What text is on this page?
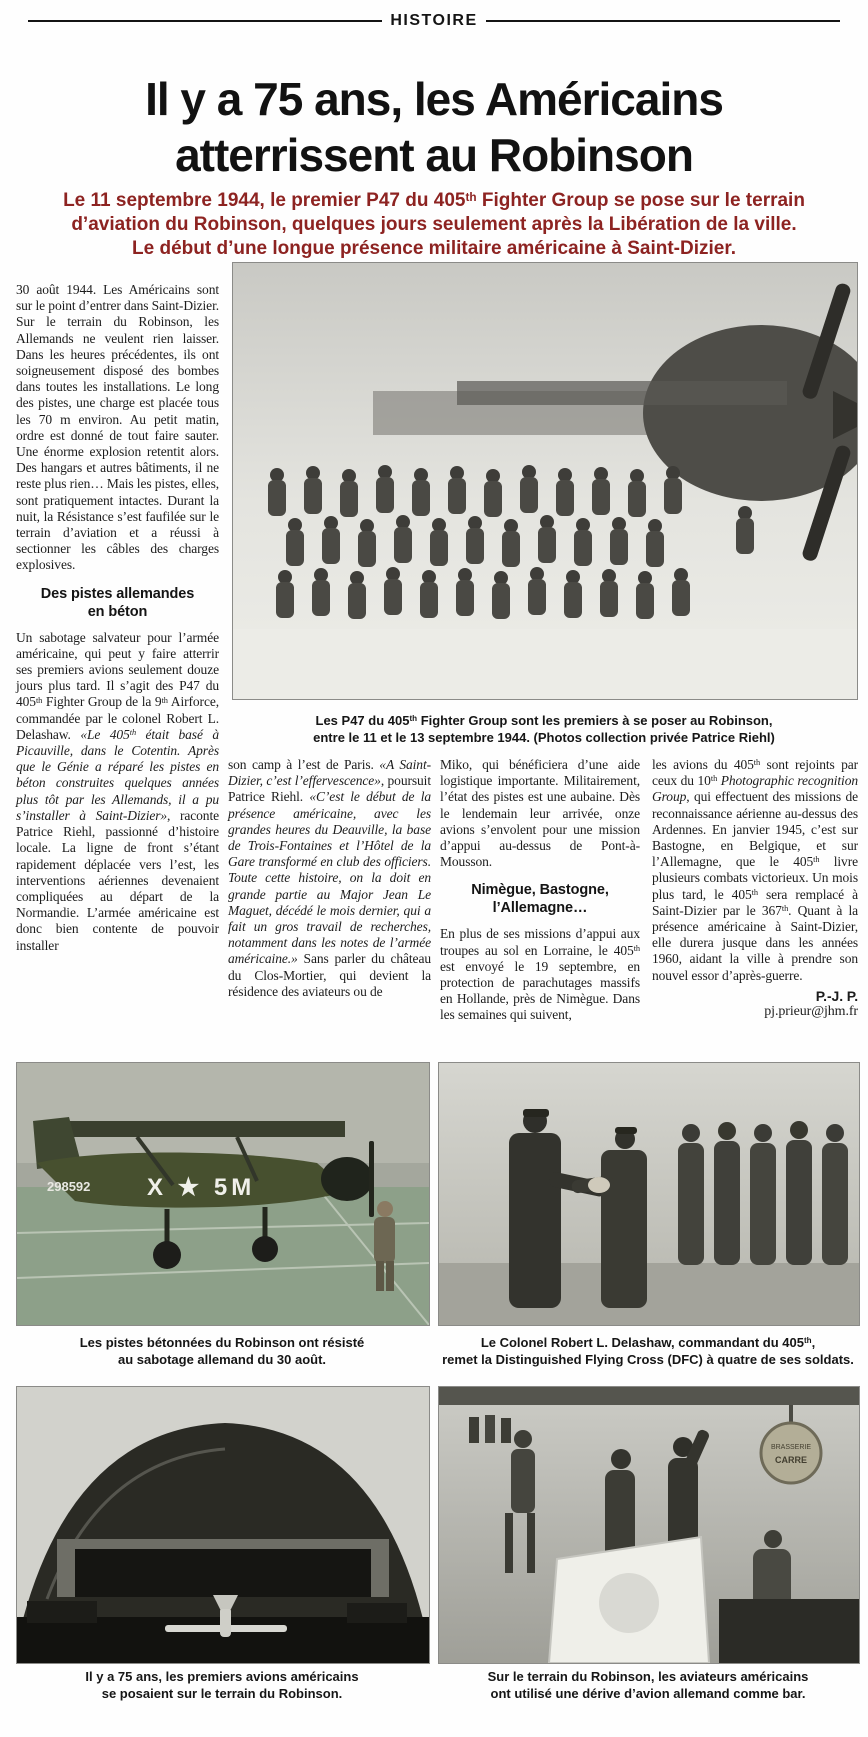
HISTOIRE
Il y a 75 ans, les Américains
atterrissent au Robinson

Le 11 septembre 1944, le premier P47 du 405th Fighter Group se pose sur le terrain
d’aviation du Robinson, quelques jours seulement après la Libération de la ville.
Le début d’une longue présence militaire américaine à Saint-Dizier.

30 août 1944. Les Américains sont sur le point d’entrer dans Saint-Dizier. Sur le terrain du Robinson, les Allemands ne veulent rien laisser. Dans les heures précédentes, ils ont soigneusement disposé des bombes dans toutes les installations. Le long des pistes, une charge est placée tous les 70 m environ. Au petit matin, ordre est donné de tout faire sauter. Une énorme explosion retentit alors. Des hangars et autres bâtiments, il ne reste plus rien… Mais les pistes, elles, sont pratiquement intactes. Durant la nuit, la Résistance s’est faufilée sur le terrain d’aviation et a réussi à sectionner les câbles des charges explosives.

Des pistes allemandes
en béton

Un sabotage salvateur pour l’armée américaine, qui peut y faire atterrir ses premiers avions seulement douze jours plus tard. Il s’agit des P47 du 405th Fighter Group de la 9th Airforce, commandée par le colonel Robert L. Delashaw. «Le 405th était basé à Picauville, dans le Cotentin. Après que le Génie a réparé les pistes en béton construites quelques années plus tôt par les Allemands, il a pu s’installer à Saint-Dizier», raconte Patrice Riehl, passionné d’histoire locale. La ligne de front s’étant rapidement déplacée vers l’est, les interventions aériennes devenaient compliquées au départ de la Normandie. L’armée américaine est donc bien contente de pouvoir installer

Les P47 du 405th Fighter Group sont les premiers à se poser au Robinson,
entre le 11 et le 13 septembre 1944. (Photos collection privée Patrice Riehl)

son camp à l’est de Paris. «A Saint-Dizier, c’est l’effervescence», poursuit Patrice Riehl. «C’est le début de la présence américaine, avec les grandes heures du Deauville, la base de Trois-Fontaines et l’Hôtel de la Gare transformé en club des officiers. Toute cette histoire, on la doit en grande partie au Major Jean Le Maguet, décédé le mois dernier, qui a fait un gros travail de recherches, notamment dans les notes de l’armée américaine.» Sans parler du château du Clos-Mortier, qui devient la résidence des aviateurs ou de

Miko, qui bénéficiera d’une aide logistique importante. Militairement, l’état des pistes est une aubaine. Dès le lendemain leur arrivée, onze avions s’envolent pour une mission d’appui au-dessus de Pont-à-Mousson.

Nimègue, Bastogne,
l’Allemagne…

En plus de ses missions d’appui aux troupes au sol en Lorraine, le 405th est envoyé le 19 septembre, en protection de parachutages massifs en Hollande, près de Nimègue. Dans les semaines qui suivent,

les avions du 405th sont rejoints par ceux du 10th Photographic recognition Group, qui effectuent des missions de reconnaissance aérienne au-dessus des Ardennes. En janvier 1945, c’est sur Bastogne, en Belgique, et sur l’Allemagne, que le 405th livre plusieurs combats victorieux. Un mois plus tard, le 405th sera remplacé à Saint-Dizier par le 367th. Quant à la présence américaine à Saint-Dizier, elle durera jusque dans les années 1960, aidant la ville à prendre son nouvel essor d’après-guerre.

P.-J. P.
pj.prieur@jhm.fr
298592 X ★ 5M
Les pistes bétonnées du Robinson ont résisté
au sabotage allemand du 30 août.
Le Colonel Robert L. Delashaw, commandant du 405th,
remet la Distinguished Flying Cross (DFC) à quatre de ses soldats.
Il y a 75 ans, les premiers avions américains
se posaient sur le terrain du Robinson.
BRASSERIE
CARRE
Sur le terrain du Robinson, les aviateurs américains
ont utilisé une dérive d’avion allemand comme bar.
